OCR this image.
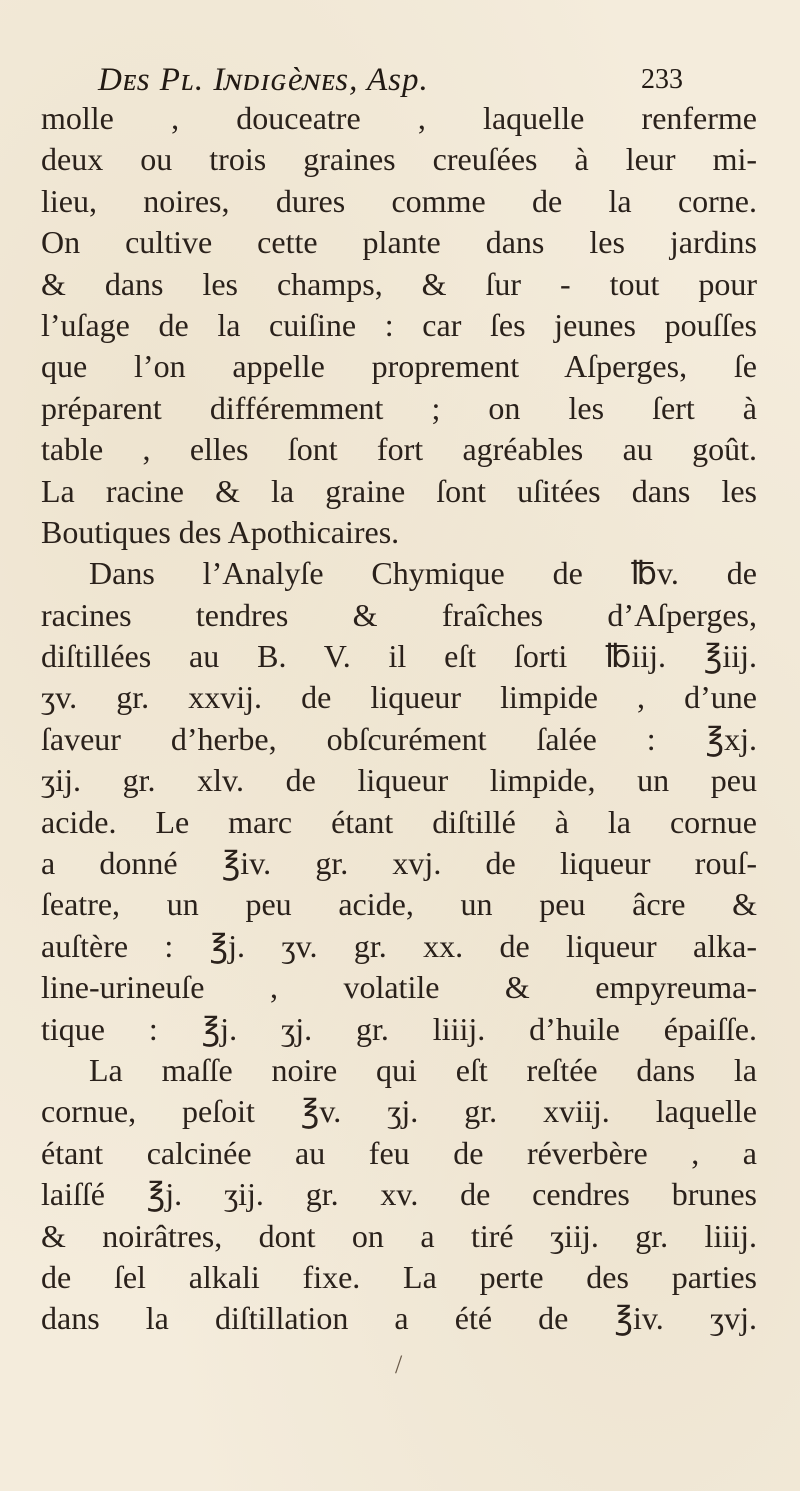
Dᴇs Pʟ. Iɴᴅɪɢèɴᴇs, Asp.	233
molle , douceatre , laquelle renferme
deux ou trois graines creuſées à leur mi-
lieu, noires, dures comme de la corne.
On cultive cette plante dans les jardins
& dans les champs, & ſur - tout pour
l’uſage de la cuiſine : car ſes jeunes pouſſes
que l’on appelle proprement Aſperges, ſe
préparent différemment ; on les ſert à
table , elles ſont fort agréables au goût.
La racine & la graine ſont uſitées dans les
Boutiques des Apothicaires.
Dans l’Analyſe Chymique de ℔v. de
racines tendres & fraîches d’Aſperges,
diſtillées au B. V. il eſt ſorti ℔iij. ℥iij.
ʒv. gr. xxvij. de liqueur limpide , d’une
ſaveur d’herbe, obſcurément ſalée : ℥xj.
ʒij. gr. xlv. de liqueur limpide, un peu
acide. Le marc étant diſtillé à la cornue
a donné ℥iv. gr. xvj. de liqueur rouſ-
ſeatre, un peu acide, un peu âcre &
auſtère : ℥j. ʒv. gr. xx. de liqueur alka-
line-urineuſe , volatile & empyreuma-
tique : ℥j. ʒj. gr. liiij. d’huile épaiſſe.
La maſſe noire qui eſt reſtée dans la
cornue, peſoit ℥v. ʒj. gr. xviij. laquelle
étant calcinée au feu de réverbère , a
laiſſé ℥j. ʒij. gr. xv. de cendres brunes
& noirâtres, dont on a tiré ʒiij. gr. liiij.
de ſel alkali fixe. La perte des parties
dans la diſtillation a été de ℥iv. ʒvj.
/
